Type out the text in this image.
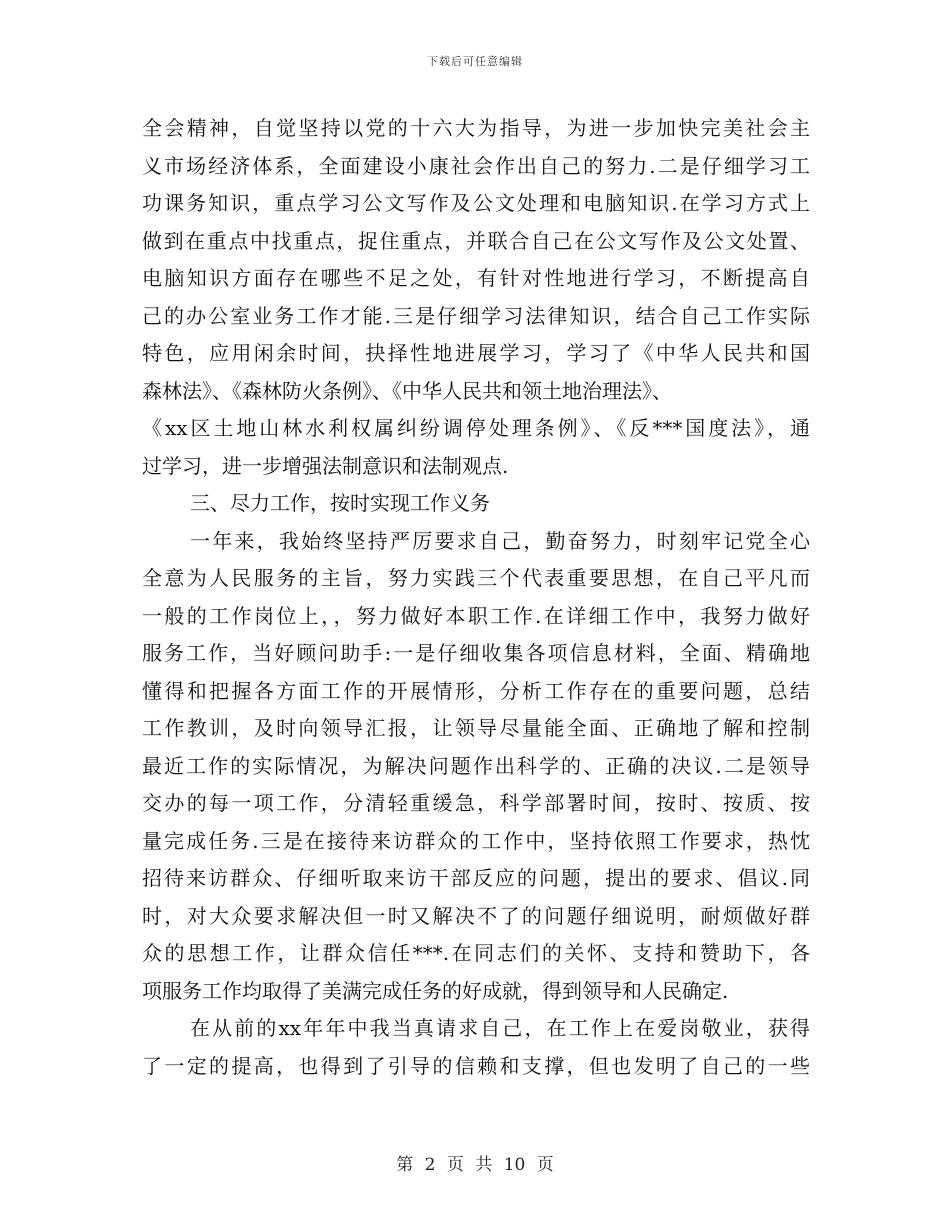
下载后可任意编辑
全会精神，自觉坚持以党的十六大为指导，为进一步加快完美社会主
义市场经济体系，全面建设小康社会作出自己的努力.二是仔细学习工
功课务知识，重点学习公文写作及公文处理和电脑知识.在学习方式上
做到在重点中找重点，捉住重点，并联合自己在公文写作及公文处置、
电脑知识方面存在哪些不足之处，有针对性地进行学习，不断提高自
己的办公室业务工作才能.三是仔细学习法律知识，结合自己工作实际
特色，应用闲余时间，抉择性地进展学习，学习了《中华人民共和国
森林法》、《森林防火条例》、《中华人民共和领土地治理法》、
《xx区土地山林水利权属纠纷调停处理条例》、《反***国度法》，通
过学习，进一步增强法制意识和法制观点.
三、尽力工作，按时实现工作义务
一年来，我始终坚持严厉要求自己，勤奋努力，时刻牢记党全心
全意为人民服务的主旨，努力实践三个代表重要思想，在自己平凡而
一般的工作岗位上，，努力做好本职工作.在详细工作中，我努力做好
服务工作，当好顾问助手:一是仔细收集各项信息材料，全面、精确地
懂得和把握各方面工作的开展情形，分析工作存在的重要问题，总结
工作教训，及时向领导汇报，让领导尽量能全面、正确地了解和控制
最近工作的实际情况，为解决问题作出科学的、正确的决议.二是领导
交办的每一项工作，分清轻重缓急，科学部署时间，按时、按质、按
量完成任务.三是在接待来访群众的工作中，坚持依照工作要求，热忱
招待来访群众、仔细听取来访干部反应的问题，提出的要求、倡议.同
时，对大众要求解决但一时又解决不了的问题仔细说明，耐烦做好群
众的思想工作，让群众信任***.在同志们的关怀、支持和赞助下，各
项服务工作均取得了美满完成任务的好成就，得到领导和人民确定.
在从前的xx年年中我当真请求自己，在工作上在爱岗敬业，获得
了一定的提高，也得到了引导的信赖和支撑，但也发明了自己的一些
第 2 页 共 10 页
